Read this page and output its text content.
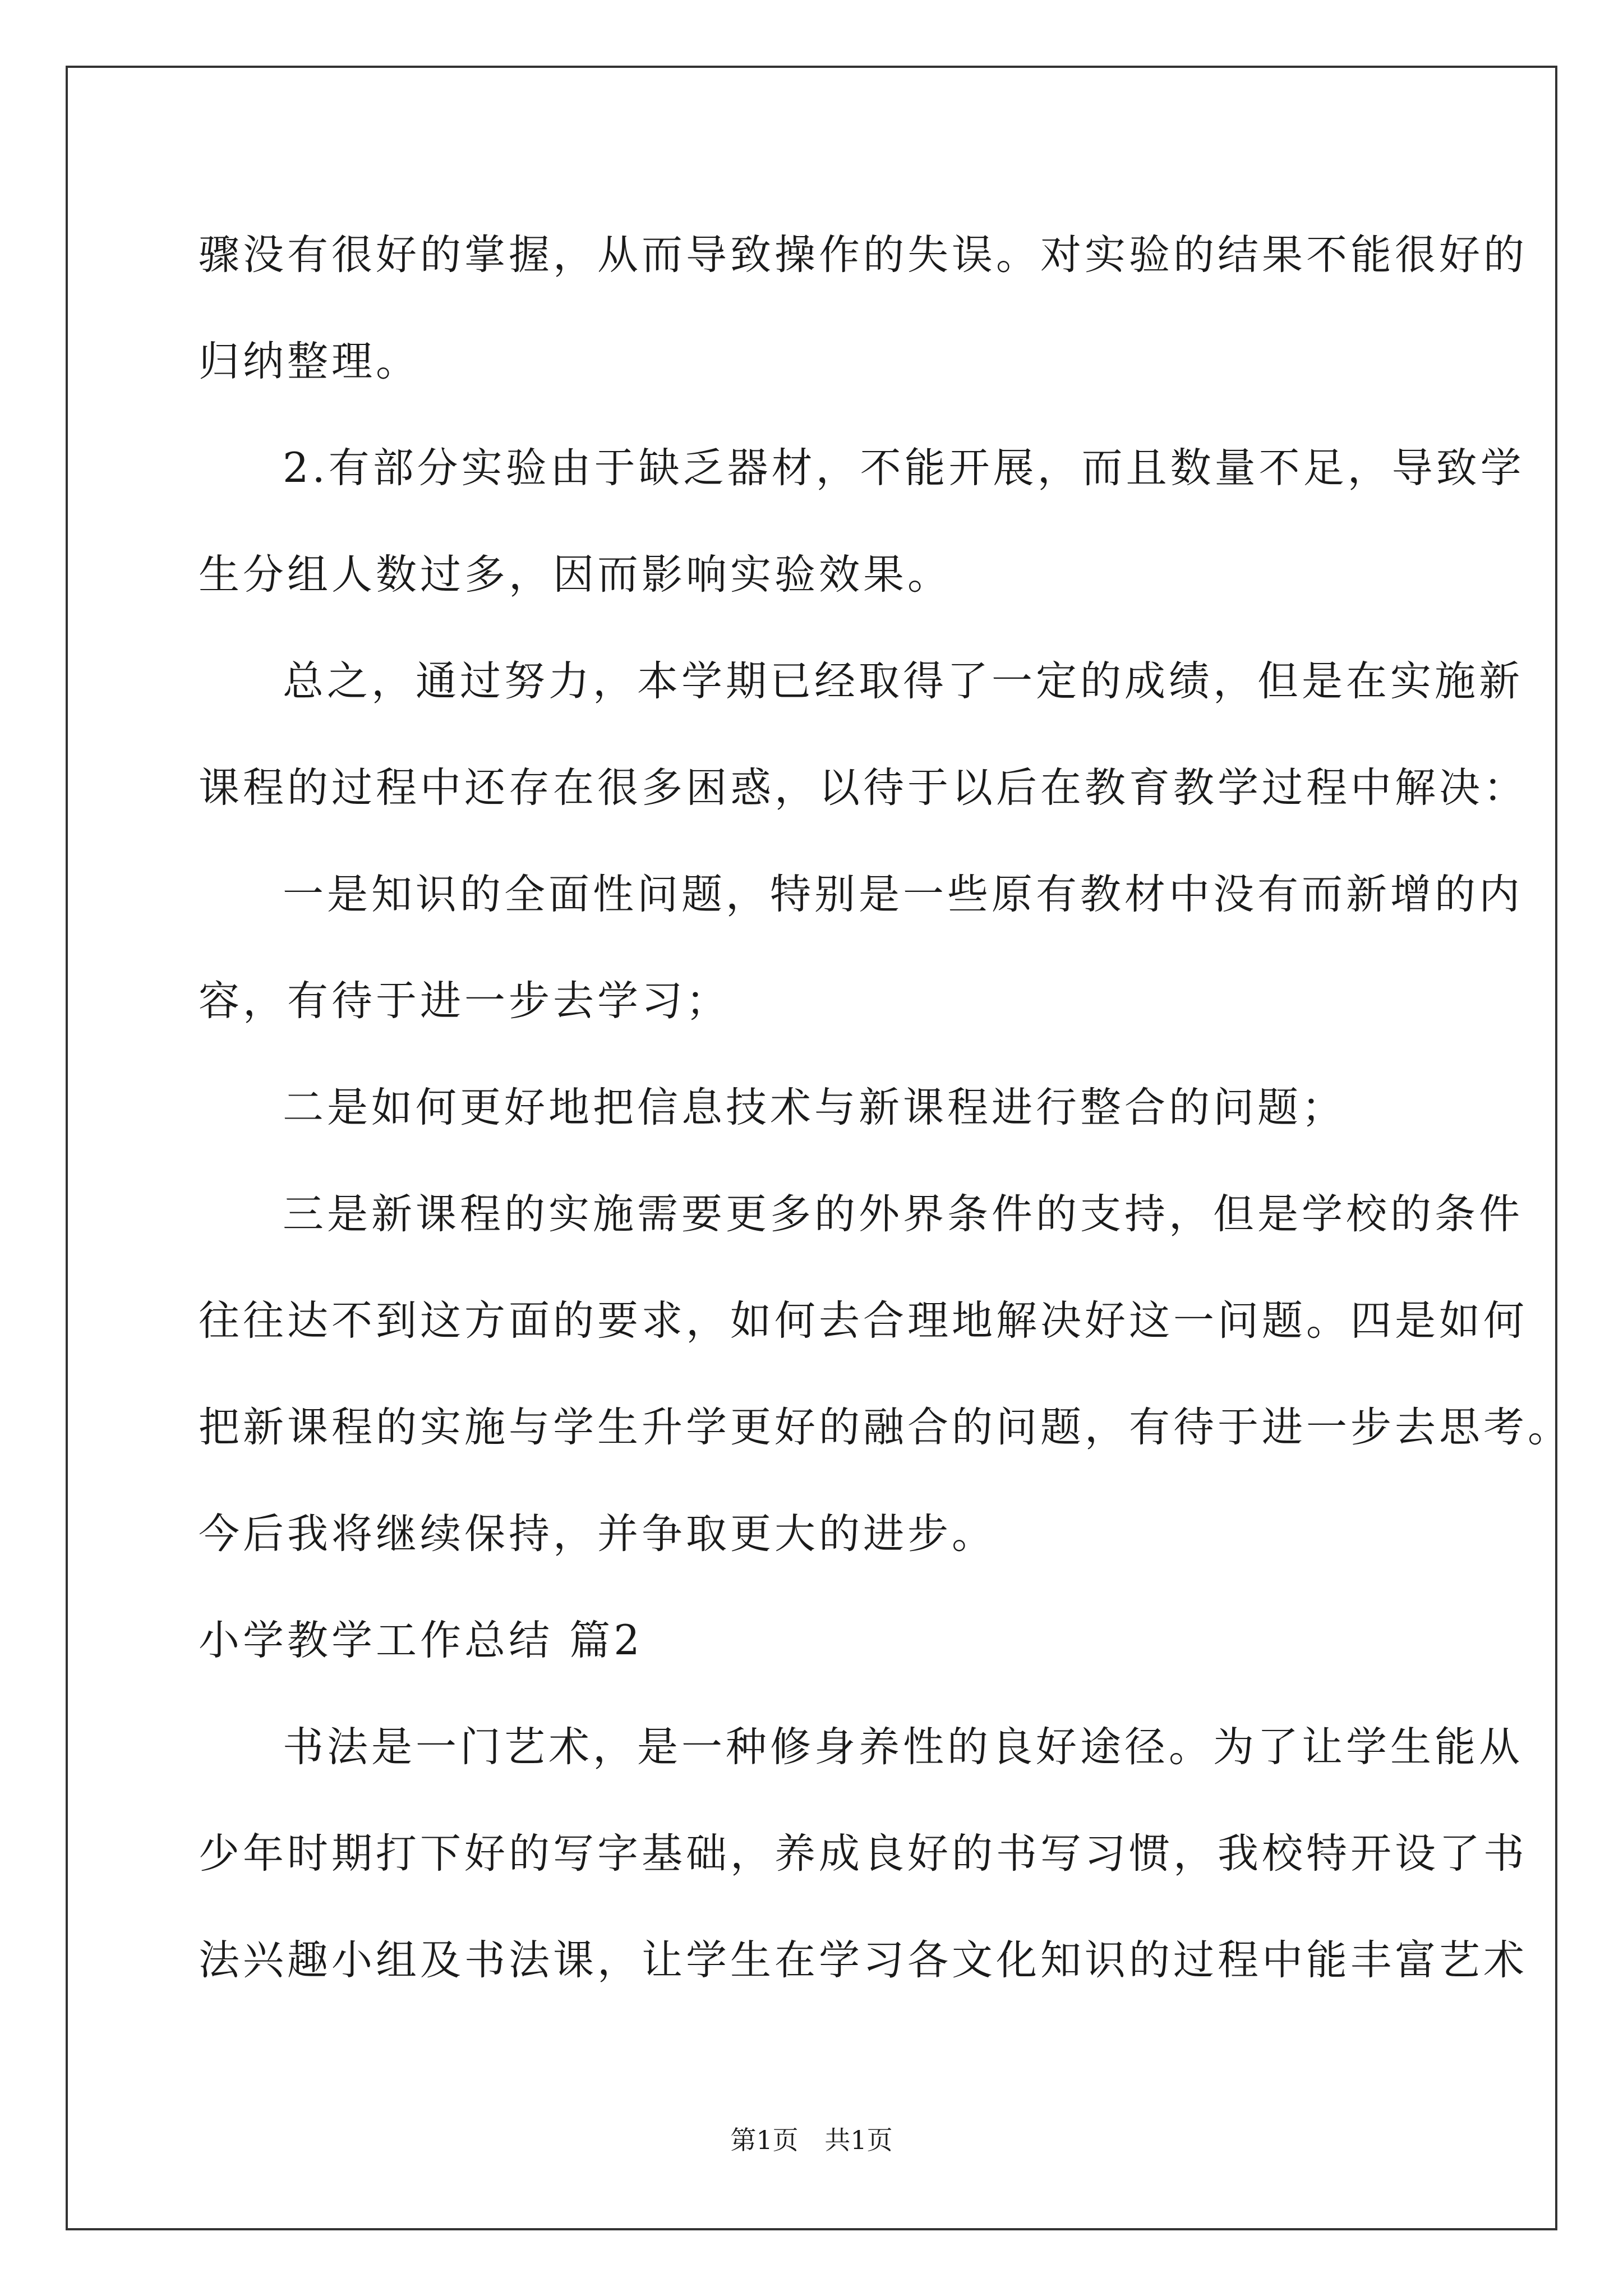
骤没有很好的掌握，从而导致操作的失误。对实验的结果不能很好的
归纳整理。
2.有部分实验由于缺乏器材，不能开展，而且数量不足，导致学
生分组人数过多，因而影响实验效果。
总之，通过努力，本学期已经取得了一定的成绩，但是在实施新
课程的过程中还存在很多困惑，以待于以后在教育教学过程中解决：
一是知识的全面性问题，特别是一些原有教材中没有而新增的内
容，有待于进一步去学习；
二是如何更好地把信息技术与新课程进行整合的问题；
三是新课程的实施需要更多的外界条件的支持，但是学校的条件
往往达不到这方面的要求，如何去合理地解决好这一问题。四是如何
把新课程的实施与学生升学更好的融合的问题，有待于进一步去思考。
今后我将继续保持，并争取更大的进步。
小学教学工作总结 篇2
书法是一门艺术，是一种修身养性的良好途径。为了让学生能从
少年时期打下好的写字基础，养成良好的书写习惯，我校特开设了书
法兴趣小组及书法课，让学生在学习各文化知识的过程中能丰富艺术
第1页 共1页
